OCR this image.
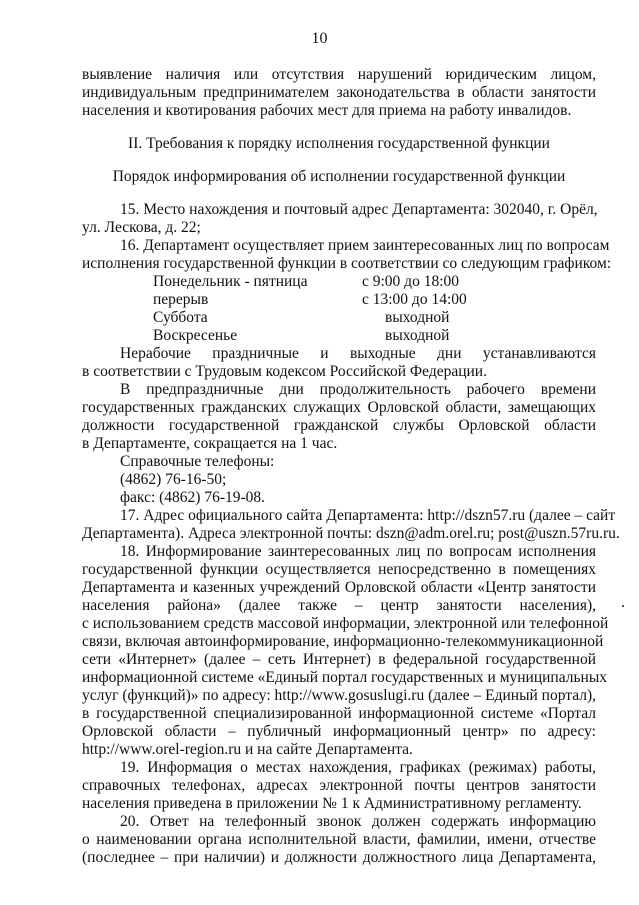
10
выявление наличия или отсутствия нарушений юридическим лицом,
индивидуальным предпринимателем законодательства в области занятости
населения и квотирования рабочих мест для приема на работу инвалидов.
II. Требования к порядку исполнения государственной функции
Порядок информирования об исполнении государственной функции
15. Место нахождения и почтовый адрес Департамента: 302040, г. Орёл,
ул. Лескова, д. 22;
16. Департамент осуществляет прием заинтересованных лиц по вопросам
исполнения государственной функции в соответствии со следующим графиком:
Понедельник - пятница	с 9:00 до 18:00
перерыв	с 13:00 до 14:00
Суббота	выходной
Воскресенье	выходной
Нерабочие праздничные и выходные дни устанавливаются
в соответствии с Трудовым кодексом Российской Федерации.
В предпраздничные дни продолжительность рабочего времени
государственных гражданских служащих Орловской области, замещающих
должности государственной гражданской службы Орловской области
в Департаменте, сокращается на 1 час.
Справочные телефоны:
(4862) 76-16-50;
факс: (4862) 76-19-08.
17. Адрес официального сайта Департамента: http://dszn57.ru (далее – сайт
Департамента). Адреса электронной почты: dszn@adm.orel.ru; post@uszn.57ru.ru.
18. Информирование заинтересованных лиц по вопросам исполнения
государственной функции осуществляется непосредственно в помещениях
Департамента и казенных учреждений Орловской области «Центр занятости
населения района» (далее также – центр занятости населения),
с использованием средств массовой информации, электронной или телефонной
связи, включая автоинформирование, информационно-телекоммуникационной
сети «Интернет» (далее – сеть Интернет) в федеральной государственной
информационной системе «Единый портал государственных и муниципальных
услуг (функций)» по адресу: http://www.gosuslugi.ru (далее – Единый портал),
в государственной специализированной информационной системе «Портал
Орловской области – публичный информационный центр» по адресу:
http://www.orel-region.ru и на сайте Департамента.
19. Информация о местах нахождения, графиках (режимах) работы,
справочных телефонах, адресах электронной почты центров занятости
населения приведена в приложении № 1 к Административному регламенту.
20. Ответ на телефонный звонок должен содержать информацию
о наименовании органа исполнительной власти, фамилии, имени, отчестве
(последнее – при наличии) и должности должностного лица Департамента,
